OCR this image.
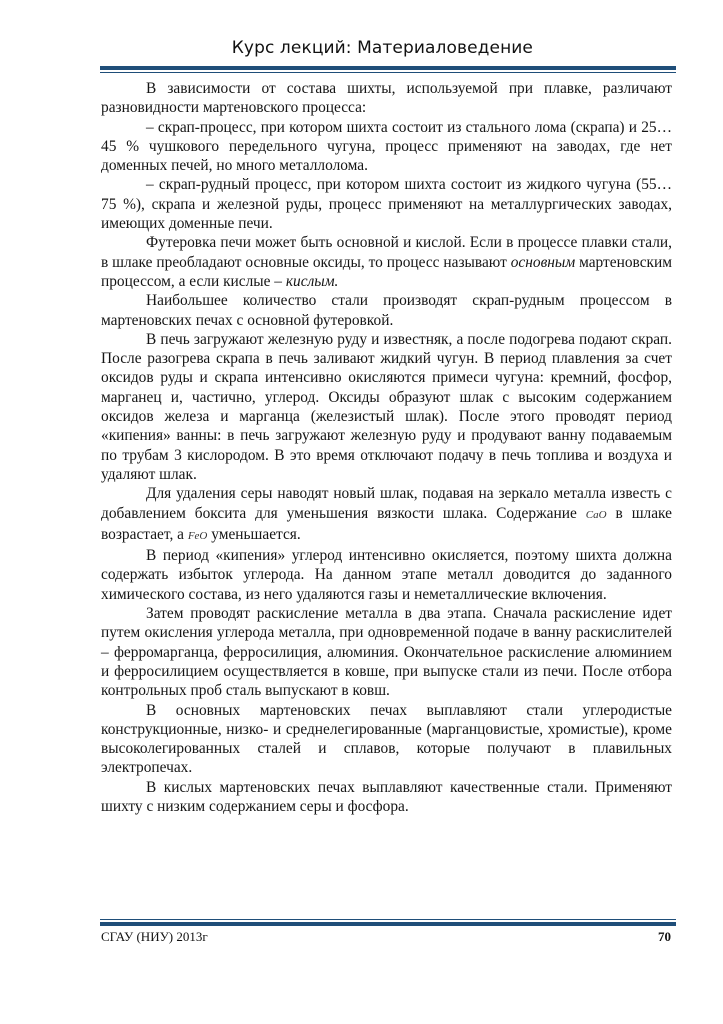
Курс лекций: Материаловедение

В зависимости от состава шихты, используемой при плавке, различают разновидности мартеновского процесса:

– скрап-процесс, при котором шихта состоит из стального лома (скрапа) и 25…45 % чушкового передельного чугуна, процесс применяют на заводах, где нет доменных печей, но много металлолома.

– скрап-рудный процесс, при котором шихта состоит из жидкого чугуна (55…75 %), скрапа и железной руды, процесс применяют на металлургических заводах, имеющих доменные печи.

Футеровка печи может быть основной и кислой. Если в процессе плавки стали, в шлаке преобладают основные оксиды, то процесс называют основным мартеновским процессом, а если кислые – кислым.

Наибольшее количество стали производят скрап-рудным процессом в мартеновских печах с основной футеровкой.

В печь загружают железную руду и известняк, а после подогрева подают скрап. После разогрева скрапа в печь заливают жидкий чугун. В период плавления за счет оксидов руды и скрапа интенсивно окисляются примеси чугуна: кремний, фосфор, марганец и, частично, углерод. Оксиды образуют шлак с высоким содержанием оксидов железа и марганца (железистый шлак). После этого проводят период «кипения» ванны: в печь загружают железную руду и продувают ванну подаваемым по трубам 3 кислородом. В это время отключают подачу в печь топлива и воздуха и удаляют шлак.

Для удаления серы наводят новый шлак, подавая на зеркало металла известь с добавлением боксита для уменьшения вязкости шлака. Содержание CaO в шлаке возрастает, а FeO уменьшается.

В период «кипения» углерод интенсивно окисляется, поэтому шихта должна содержать избыток углерода. На данном этапе металл доводится до заданного химического состава, из него удаляются газы и неметаллические включения.

Затем проводят раскисление металла в два этапа. Сначала раскисление идет путем окисления углерода металла, при одновременной подаче в ванну раскислителей – ферромарганца, ферросилиция, алюминия. Окончательное раскисление алюминием и ферросилицием осуществляется в ковше, при выпуске стали из печи. После отбора контрольных проб сталь выпускают в ковш.

В основных мартеновских печах выплавляют стали углеродистые конструкционные, низко- и среднелегированные (марганцовистые, хромистые), кроме высоколегированных сталей и сплавов, которые получают в плавильных электропечах.

В кислых мартеновских печах выплавляют качественные стали. Применяют шихту с низким содержанием серы и фосфора.

СГАУ (НИУ) 2013г	70
